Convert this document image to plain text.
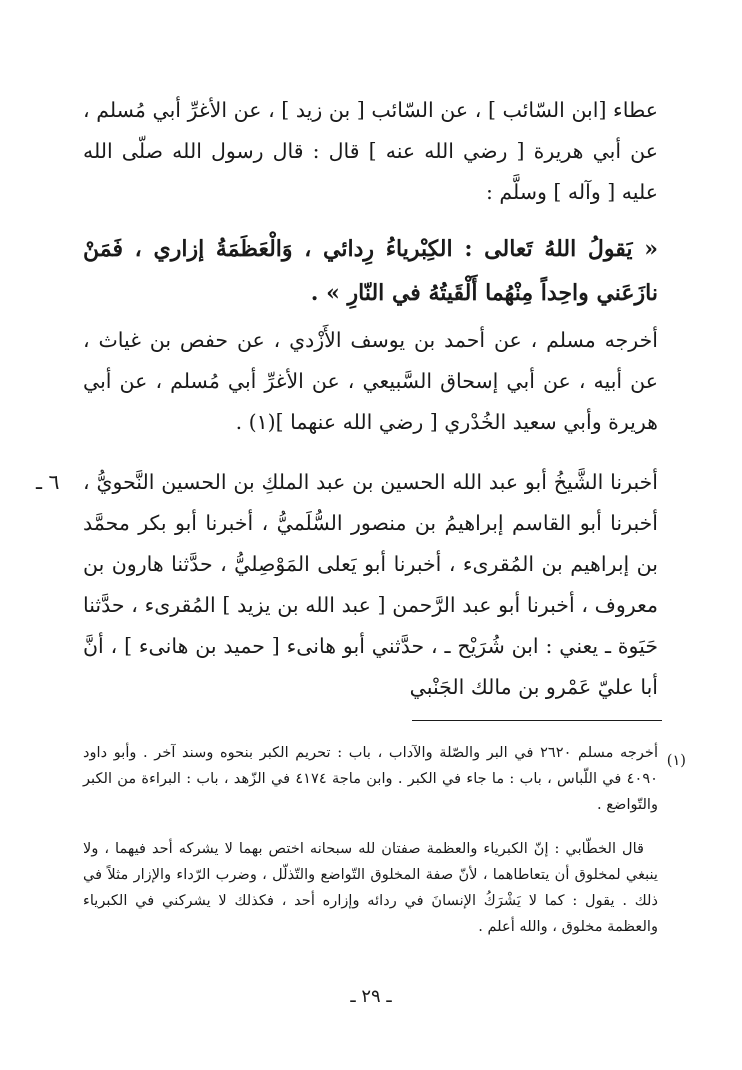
عطاء [ابن السّائب ] ، عن السّائب [ بن زيد ] ، عن الأغرِّ أبي مُسلم ، عن أبي هريرة [ رضي الله عنه ] قال : قال رسول الله صلّى الله عليه [ وآله ] وسلَّم :

« يَقولُ اللهُ تَعالى : الكِبْرياءُ رِدائي ، وَالْعَظَمَةُ إزاري ، فَمَنْ نازَعَني واحِداً مِنْهُما أَلْقَيتُهُ في النّارِ » .

أخرجه مسلم ، عن أحمد بن يوسف الأَزْدي ، عن حفص بن غياث ، عن أبيه ، عن أبي إسحاق السَّبيعي ، عن الأغرِّ أبي مُسلم ، عن أبي هريرة وأبي سعيد الخُدْري [ رضي الله عنهما ](١) .

٦ ـ أخبرنا الشَّيخُ أبو عبد الله الحسين بن عبد الملكِ بن الحسين النَّحويُّ ، أخبرنا أبو القاسم إبراهيمُ بن منصور السُّلَميُّ ، أخبرنا أبو بكر محمَّد بن إبراهيم بن المُقرىء ، أخبرنا أبو يَعلى المَوْصِليُّ ، حدَّثنا هارون بن معروف ، أخبرنا أبو عبد الرَّحمن [ عبد الله بن يزيد ] المُقرىء ، حدَّثنا حَيَوة ـ يعني : ابن شُرَيْح ـ ، حدَّثني أبو هانىء [ حميد بن هانىء ] ، أنَّ أبا عليّ عَمْرو بن مالك الجَنْبي

(١)

أخرجه مسلم ٢٦٢٠ في البر والصّلة والآداب ، باب : تحريم الكبر بنحوه وسند آخر . وأبو داود ٤٠٩٠ في اللّباس ، باب : ما جاء في الكبر . وابن ماجة ٤١٧٤ في الزّهد ، باب : البراءة من الكبر والتّواضع .

قال الخطّابي : إنّ الكبرياء والعظمة صفتان لله سبحانه اختص بهما لا يشركه أحد فيهما ، ولا ينبغي لمخلوق أن يتعاطاهما ، لأنّ صفة المخلوق التّواضع والتّذلّل ، وضرب الرّداء والإزار مثلاً في ذلك . يقول : كما لا يَشْرَكُ الإنسانَ في ردائه وإزاره أحد ، فكذلك لا يشركني في الكبرياء والعظمة مخلوق ، والله أعلم .

ـ ٢٩ ـ
